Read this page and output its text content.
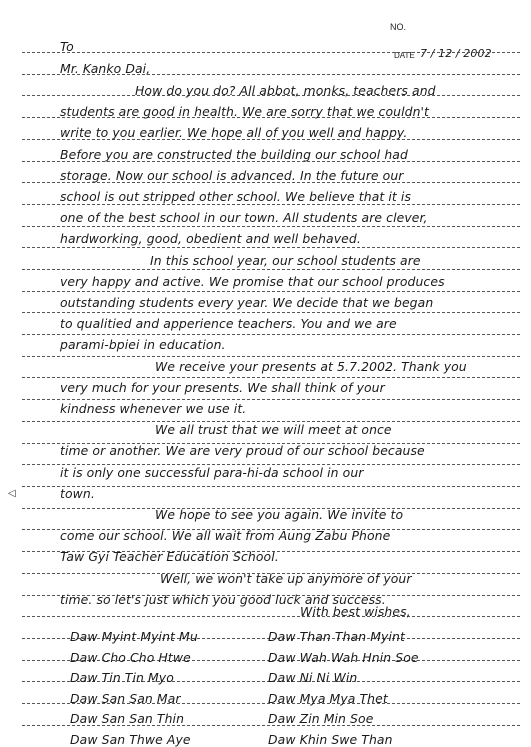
NO.
DATE 7 / 12 / 2002
To
Mr. Kanko Dai,
How do you do? All abbot, monks, teachers and
students are good in health. We are sorry that we couldn't
write to you earlier. We hope all of you well and happy.
Before you are constructed the building our school had
storage. Now our school is advanced. In the future our
school is out stripped other school. We believe that it is
one of the best school in our town. All students are clever,
hardworking, good, obedient and well behaved.
In this school year, our school students are
very happy and active. We promise that our school produces
outstanding students every year. We decide that we began
to qualitied and apperience teachers. You and we are
parami-bpiei in education.
We receive your presents at 5.7.2002. Thank you
very much for your presents. We shall think of your
kindness whenever we use it.
We all trust that we will meet at once
time or another. We are very proud of our school because
it is only one successful para-hi-da school in our
town.
We hope to see you again. We invite to
come our school. We all wait from Aung Zabu Phone
Taw Gyi Teacher Education School.
Well, we won't take up anymore of your
time. so let's just which you good luck and success.
With best wishes,
Daw Myint Myint Mu
Daw Cho Cho Htwe
Daw Tin Tin Myo
Daw San San Mar
Daw San San Thin
Daw San Thwe Aye
Daw Than Than Myint
Daw Wah Wah Hnin Soe
Daw Ni Ni Win
Daw Mya Mya Thet
Daw Zin Min Soe
Daw Khin Swe Than
◁
